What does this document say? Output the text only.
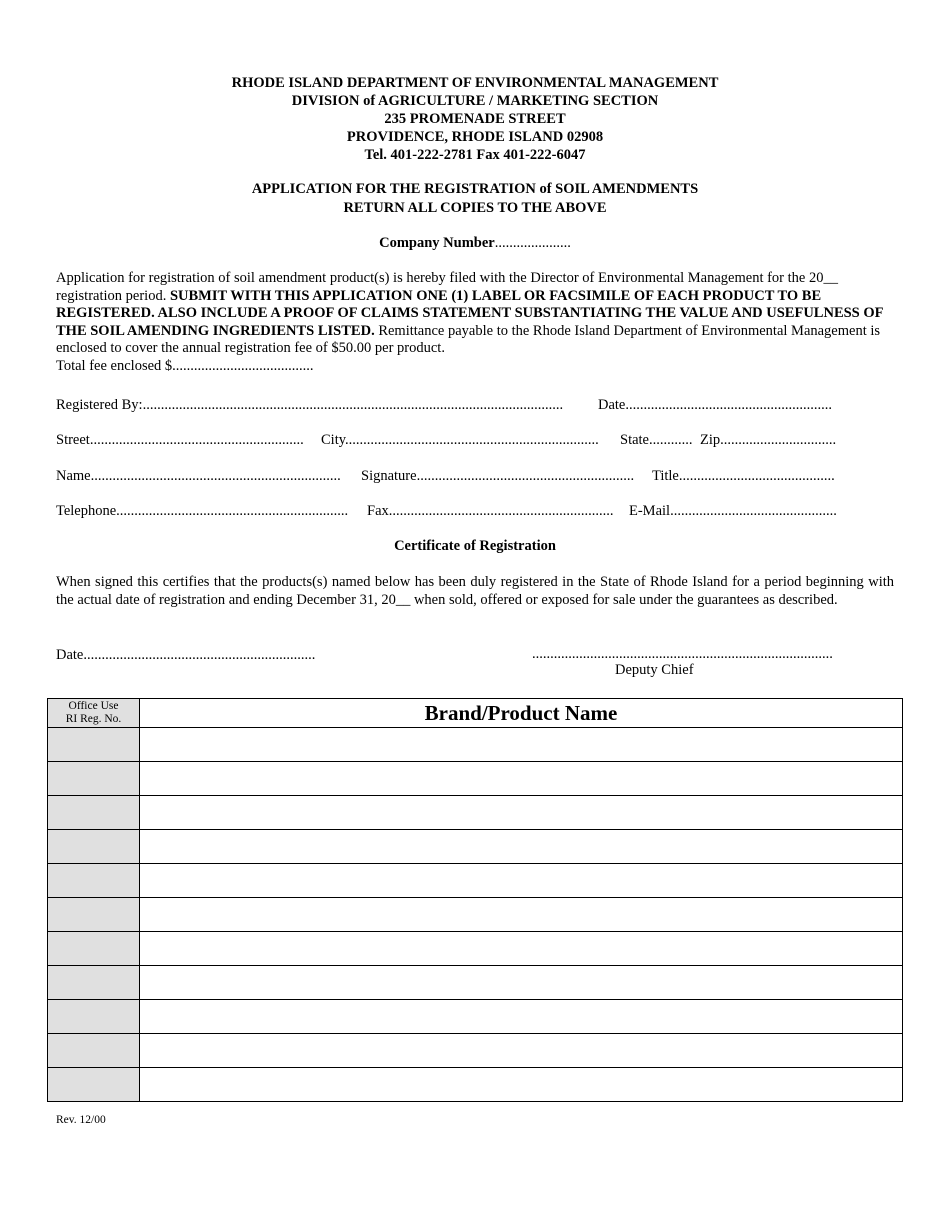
RHODE ISLAND DEPARTMENT OF ENVIRONMENTAL MANAGEMENT
DIVISION of AGRICULTURE / MARKETING SECTION
235 PROMENADE STREET
PROVIDENCE, RHODE ISLAND 02908
Tel. 401-222-2781 Fax 401-222-6047
APPLICATION FOR THE REGISTRATION of SOIL AMENDMENTS
RETURN ALL COPIES TO THE ABOVE
Company Number.....................
Application for registration of soil amendment product(s) is hereby filed with the Director of Environmental Management for the 20__ registration period. SUBMIT WITH THIS APPLICATION ONE (1) LABEL OR FACSIMILE OF EACH PRODUCT TO BE REGISTERED. ALSO INCLUDE A PROOF OF CLAIMS STATEMENT SUBSTANTIATING THE VALUE AND USEFULNESS OF THE SOIL AMENDING INGREDIENTS LISTED. Remittance payable to the Rhode Island Department of Environmental Management is enclosed to cover the annual registration fee of $50.00 per product.
Total fee enclosed $.......................................
Registered By:.................................................................................................................... Date.........................................................
Street........................................................... City...................................................................... State............ Zip................................
Name..................................................................... Signature............................................................ Title...........................................
Telephone................................................................ Fax.............................................................. E-Mail..............................................
Certificate of Registration
When signed this certifies that the products(s) named below has been duly registered in the State of Rhode Island for a period beginning with the actual date of registration and ending December 31, 20__ when sold, offered or exposed for sale under the guarantees as described.
Date................................................................	...................................................................................
Deputy Chief
Office Use
RI Reg. No.	Brand/Product Name

Rev. 12/00
